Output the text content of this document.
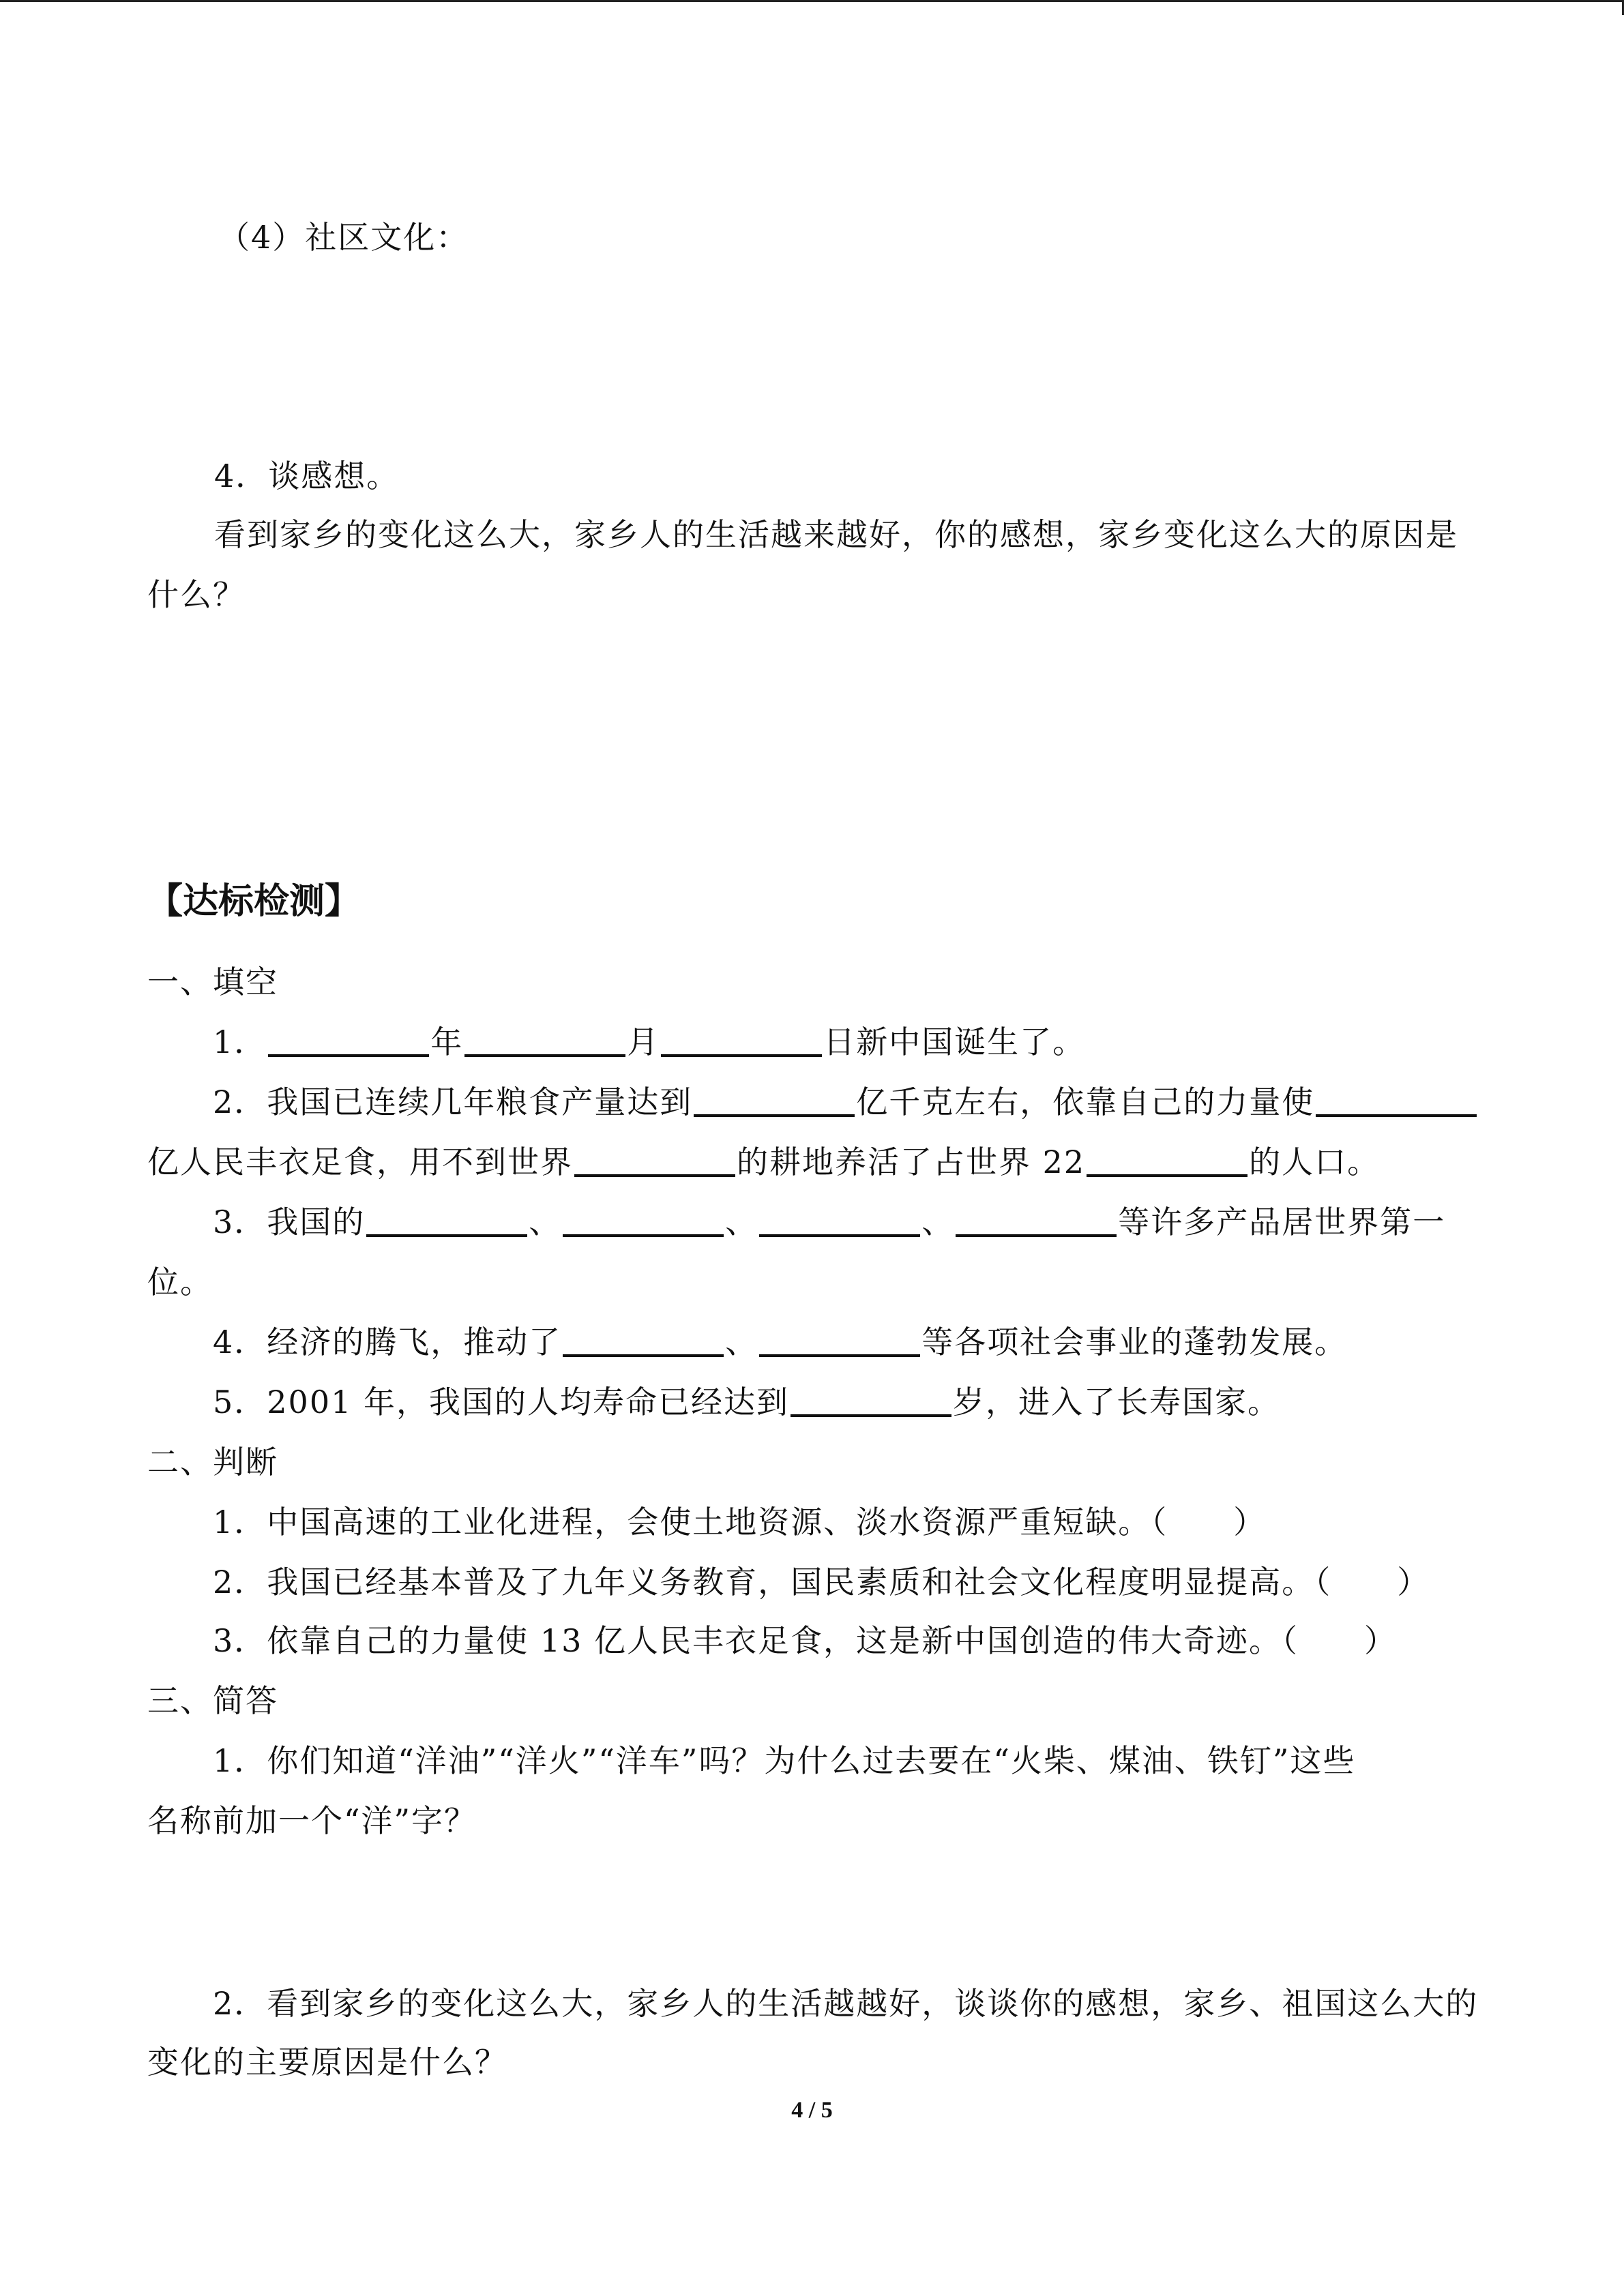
（4）社区文化：
4．谈感想。
看到家乡的变化这么大，家乡人的生活越来越好，你的感想，家乡变化这么大的原因是
什么？
【达标检测】
一、填空
1．	年	月	日新中国诞生了。
2．我国已连续几年粮食产量达到	亿千克左右，依靠自己的力量使
亿人民丰衣足食，用不到世界	的耕地养活了占世界 22	的人口。
3．我国的	、	、	、	等许多产品居世界第一
位。
4．经济的腾飞，推动了	、	等各项社会事业的蓬勃发展。
5．2001 年，我国的人均寿命已经达到	岁，进入了长寿国家。
二、判断
1．中国高速的工业化进程，会使土地资源、淡水资源严重短缺。（ ）
2．我国已经基本普及了九年义务教育，国民素质和社会文化程度明显提高。（ ）
3．依靠自己的力量使 13 亿人民丰衣足食，这是新中国创造的伟大奇迹。（ ）
三、简答
1．你们知道“洋油”“洋火”“洋车”吗？为什么过去要在“火柴、煤油、铁钉”这些
名称前加一个“洋”字？
2．看到家乡的变化这么大，家乡人的生活越越好，谈谈你的感想，家乡、祖国这么大的
变化的主要原因是什么？
4 / 5
